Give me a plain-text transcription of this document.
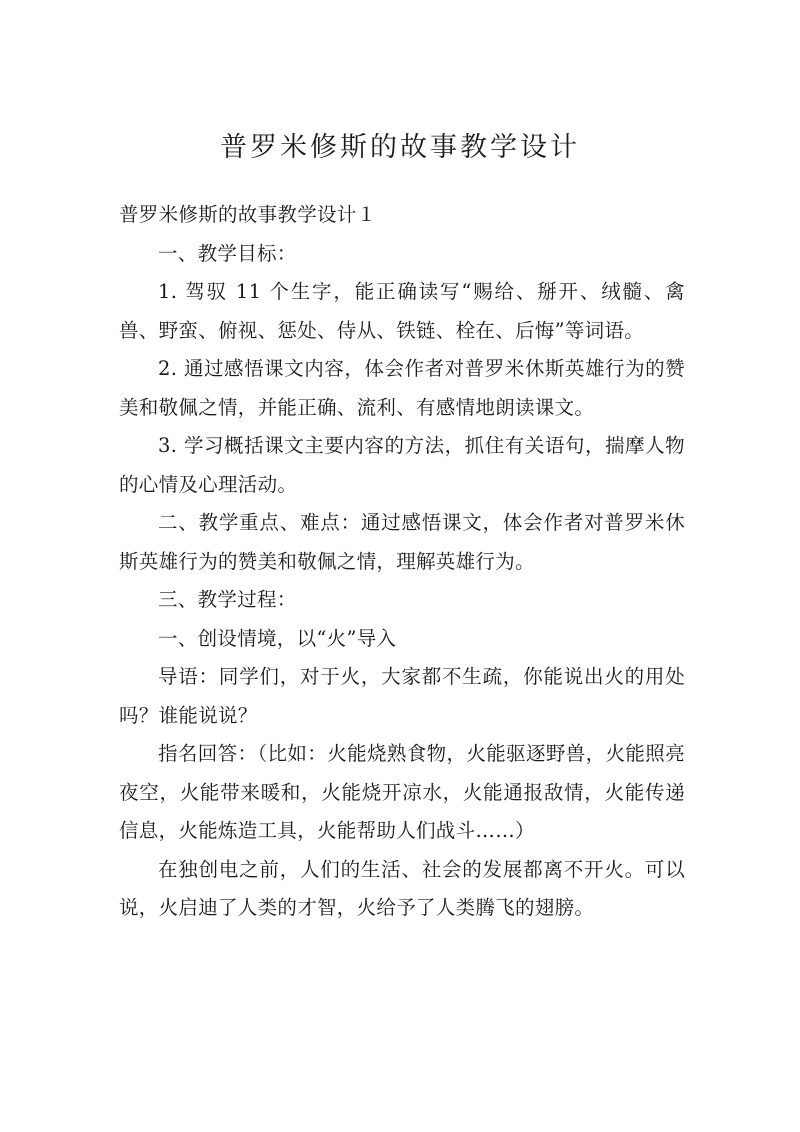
普罗米修斯的故事教学设计

普罗米修斯的故事教学设计１

一、教学目标：

1. 驾驭 11 个生字，能正确读写“赐给、掰开、绒髓、禽兽、野蛮、俯视、惩处、侍从、铁链、栓在、后悔”等词语。

2. 通过感悟课文内容，体会作者对普罗米休斯英雄行为的赞美和敬佩之情，并能正确、流利、有感情地朗读课文。

3. 学习概括课文主要内容的方法，抓住有关语句，揣摩人物的心情及心理活动。

二、教学重点、难点：通过感悟课文，体会作者对普罗米休斯英雄行为的赞美和敬佩之情，理解英雄行为。

三、教学过程：

一、创设情境，以“火”导入

导语：同学们，对于火，大家都不生疏，你能说出火的用处吗？谁能说说？

指名回答：（比如：火能烧熟食物，火能驱逐野兽，火能照亮夜空，火能带来暖和，火能烧开凉水，火能通报敌情，火能传递信息，火能炼造工具，火能帮助人们战斗……）

在独创电之前，人们的生活、社会的发展都离不开火。可以说，火启迪了人类的才智，火给予了人类腾飞的翅膀。
